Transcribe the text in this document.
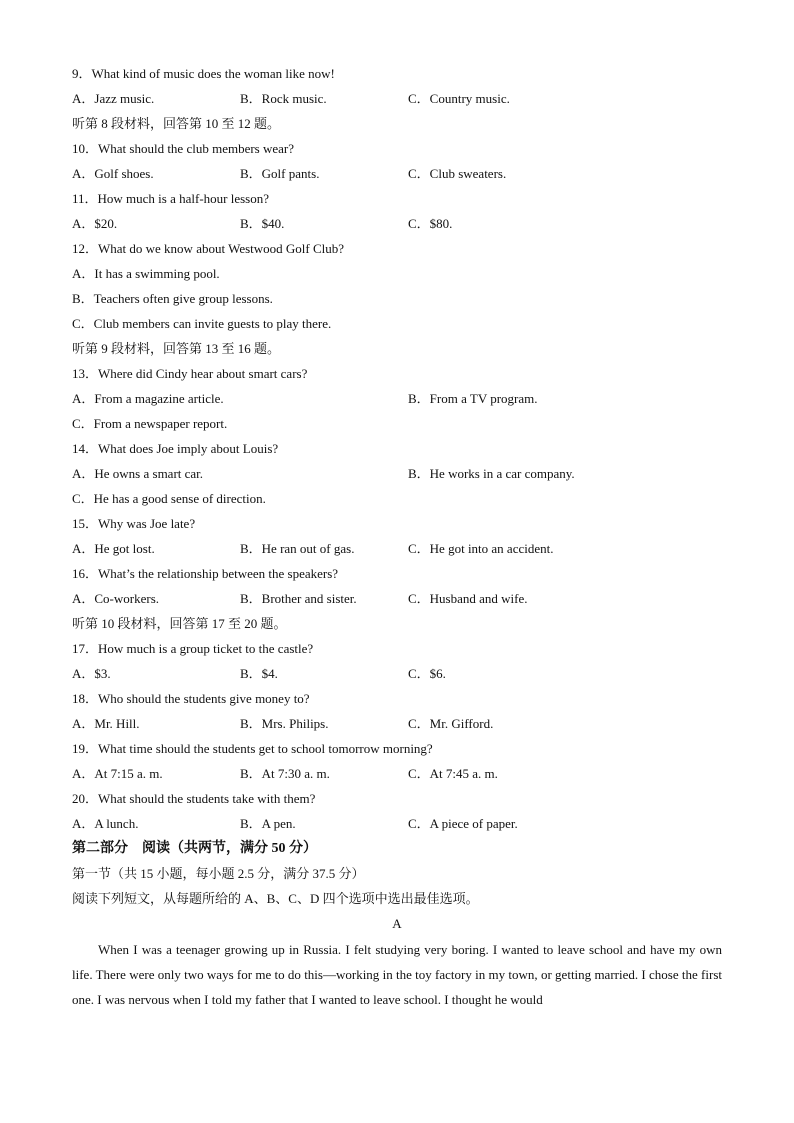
9．What kind of music does the woman like now!
A．Jazz music.	B．Rock music.	C．Country music.
听第 8 段材料，回答第 10 至 12 题。
10．What should the club members wear?
A．Golf shoes.	B．Golf pants.	C．Club sweaters.
11．How much is a half-hour lesson?
A．$20.	B．$40.	C．$80.
12．What do we know about Westwood Golf Club?
A．It has a swimming pool.
B．Teachers often give group lessons.
C．Club members can invite guests to play there.
听第 9 段材料，回答第 13 至 16 题。
13．Where did Cindy hear about smart cars?
A．From a magazine article.	B．From a TV program.
C．From a newspaper report.
14．What does Joe imply about Louis?
A．He owns a smart car.	B．He works in a car company.
C．He has a good sense of direction.
15．Why was Joe late?
A．He got lost.	B．He ran out of gas.	C．He got into an accident.
16．What’s the relationship between the speakers?
A．Co-workers.	B．Brother and sister.	C．Husband and wife.
听第 10 段材料，回答第 17 至 20 题。
17．How much is a group ticket to the castle?
A．$3.	B．$4.	C．$6.
18．Who should the students give money to?
A．Mr. Hill.	B．Mrs. Philips.	C．Mr. Gifford.
19．What time should the students get to school tomorrow morning?
A．At 7:15 a. m.	B．At 7:30 a. m.	C．At 7:45 a. m.
20．What should the students take with them?
A．A lunch.	B．A pen.	C．A piece of paper.
第二部分　阅读（共两节，满分 50 分）
第一节（共 15 小题，每小题 2.5 分，满分 37.5 分）
阅读下列短文，从每题所给的 A、B、C、D 四个选项中选出最佳选项。
A

When I was a teenager growing up in Russia. I felt studying very boring. I wanted to leave school and have my own life. There were only two ways for me to do this—working in the toy factory in my town, or getting married. I chose the first one. I was nervous when I told my father that I wanted to leave school. I thought he would
